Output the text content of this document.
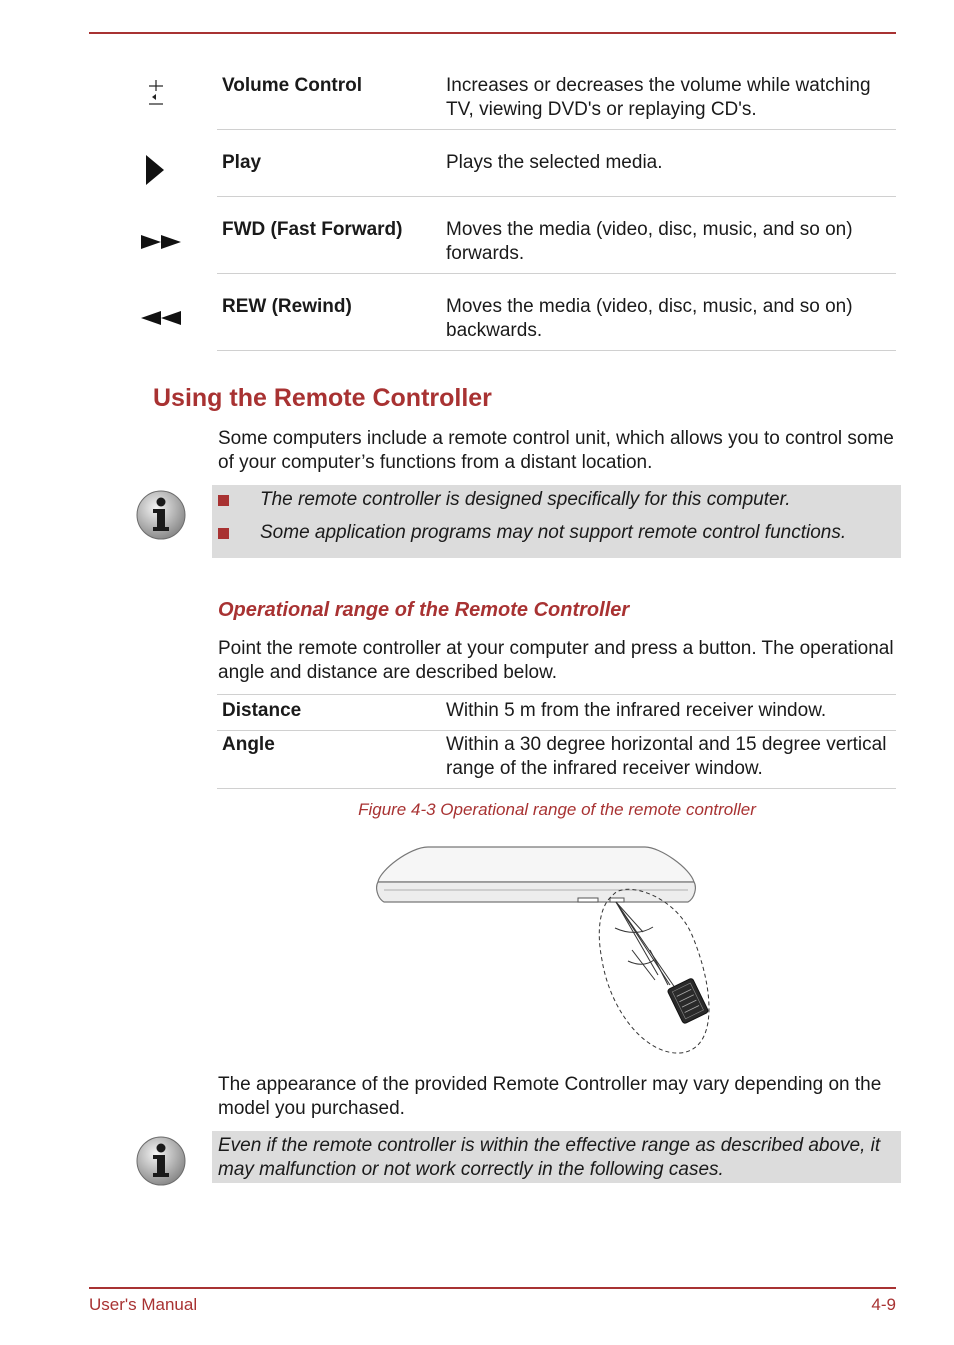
Volume Control	Increases or decreases the volume while watching TV, viewing DVD's or replaying CD's.
Play	Plays the selected media.
FWD (Fast Forward) Moves the media (video, disc, music, and so on) forwards.
REW (Rewind)	Moves the media (video, disc, music, and so on) backwards.
Using the Remote Controller
Some computers include a remote control unit, which allows you to control some of your computer’s functions from a distant location.
The remote controller is designed specifically for this computer.
Some application programs may not support remote control functions.
Operational range of the Remote Controller
Point the remote controller at your computer and press a button. The operational angle and distance are described below.
Distance	Within 5 m from the infrared receiver window.
Angle	Within a 30 degree horizontal and 15 degree vertical range of the infrared receiver window.
Figure 4-3 Operational range of the remote controller
The appearance of the provided Remote Controller may vary depending on the model you purchased.
Even if the remote controller is within the effective range as described above, it may malfunction or not work correctly in the following cases.
User's Manual	4-9
